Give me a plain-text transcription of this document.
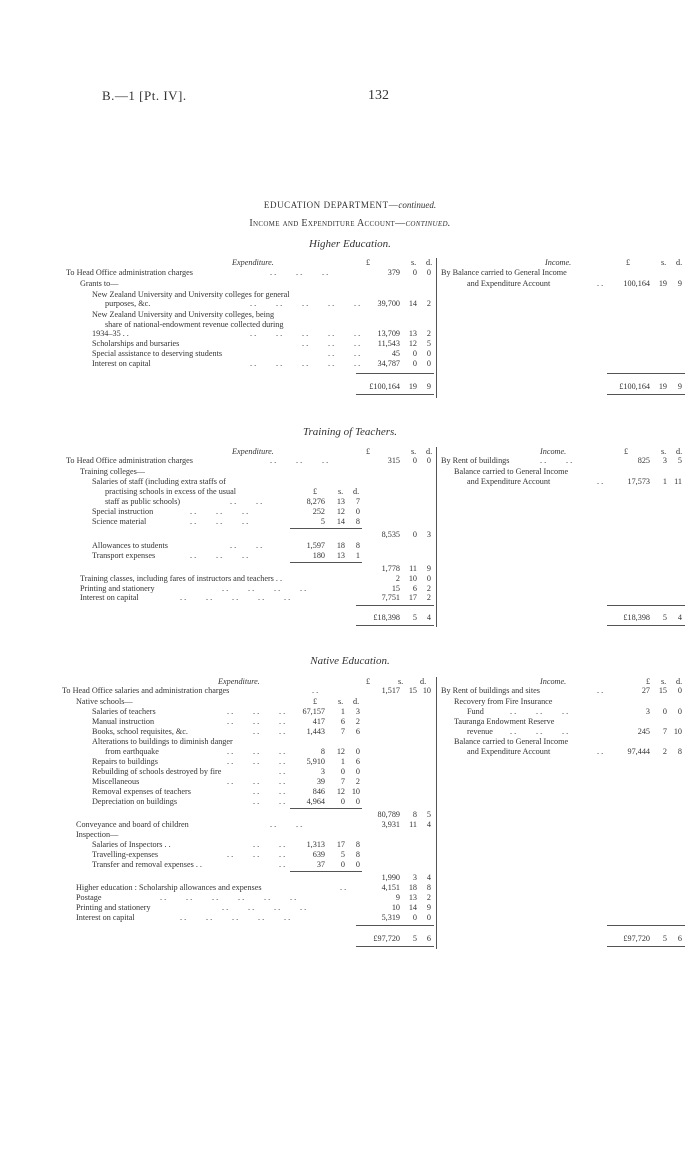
B.—1 [Pt. IV].	132
EDUCATION DEPARTMENT—continued.
Income and Expenditure Account—continued.
Higher Education.
Expenditure.	Income.
£	s. d.	£	s. d.
To Head Office administration charges	. . . . . .	379 0 0
Grants to—
New Zealand University and University colleges for general
purposes, &c.	. . . . . . . . . . 39,700 14 2
New Zealand University and University colleges, being
share of national-endowment revenue collected during
1934–35 . .	. . . . . . . . . . 13,709 13 2
Scholarships and bursaries	. . . . . . 11,543 12 5
Special assistance to deserving students	. . . .	45 0 0
Interest on capital	. . . . . . . . . . 34,787 0 0
£100,164 19 9
By Balance carried to General Income
and Expenditure Account	. . 100,164 19 9
£100,164 19 9
Training of Teachers.
Expenditure.	Income.
£	s. d.	£	s. d.
To Head Office administration charges	. . . . . .	315 0 0
Training colleges—
Salaries of staff (including extra staffs of
practising schools in excess of the usual	£	s. d.
staff as public schools)	. . . .	8,276 13 7
Special instruction	. . . . . .	252 12 0
Science material	. . . . . .	5 14 8
8,535 0 3
Allowances to students	. . . .	1,597 18 8
Transport expenses	. . . . . .	180 13 1
1,778 11 9
Training classes, including fares of instructors and teachers . .	2 10 0
Printing and stationery	. . . . . . . .	15 6 2
Interest on capital	. . . . . . . . . .	7,751 17 2
£18,398 5 4
By Rent of buildings	. . . .	825 3 5
Balance carried to General Income
and Expenditure Account	. .	17,573 1 11
£18,398 5 4
Native Education.
Expenditure.	Income.
£	s. d.	£ s. d.
To Head Office salaries and administration charges	. .	1,517 15 10
Native schools—	£	s. d.
Salaries of teachers	. . . . . . 67,157 1 3
Manual instruction	. . . . . .	417 6 2
Books, school requisites, &c.	. . . .	1,443 7 6
Alterations to buildings to diminish danger
from earthquake	. . . . . .	8 12 0
Repairs to buildings	. . . . . .	5,910 1 6
Rebuilding of schools destroyed by fire	. .	3 0 0
Miscellaneous	. . . . . .	39 7 2
Removal expenses of teachers	. . . .	846 12 10
Depreciation on buildings	. . . .	4,964 0 0
80,789 8 5
Conveyance and board of children	. . . .	3,931 11 4
Inspection—
Salaries of Inspectors . .	. . . .	1,313 17 8
Travelling-expenses	. . . . . .	639 5 8
Transfer and removal expenses . .	. .	37 0 0
1,990 3 4
Higher education : Scholarship allowances and expenses	. .	4,151 18 8
Postage	. . . . . . . . . . . .	9 13 2
Printing and stationery	. . . . . . . .	10 14 9
Interest on capital	. . . . . . . . . .	5,319 0 0
£97,720 5 6
By Rent of buildings and sites	. .	27 15 0
Recovery from Fire Insurance
Fund	. . . . . .	3 0 0
Tauranga Endowment Reserve
revenue . . . . . .	245 7 10
Balance carried to General Income
and Expenditure Account	. .	97,444 2 8
£97,720 5 6
